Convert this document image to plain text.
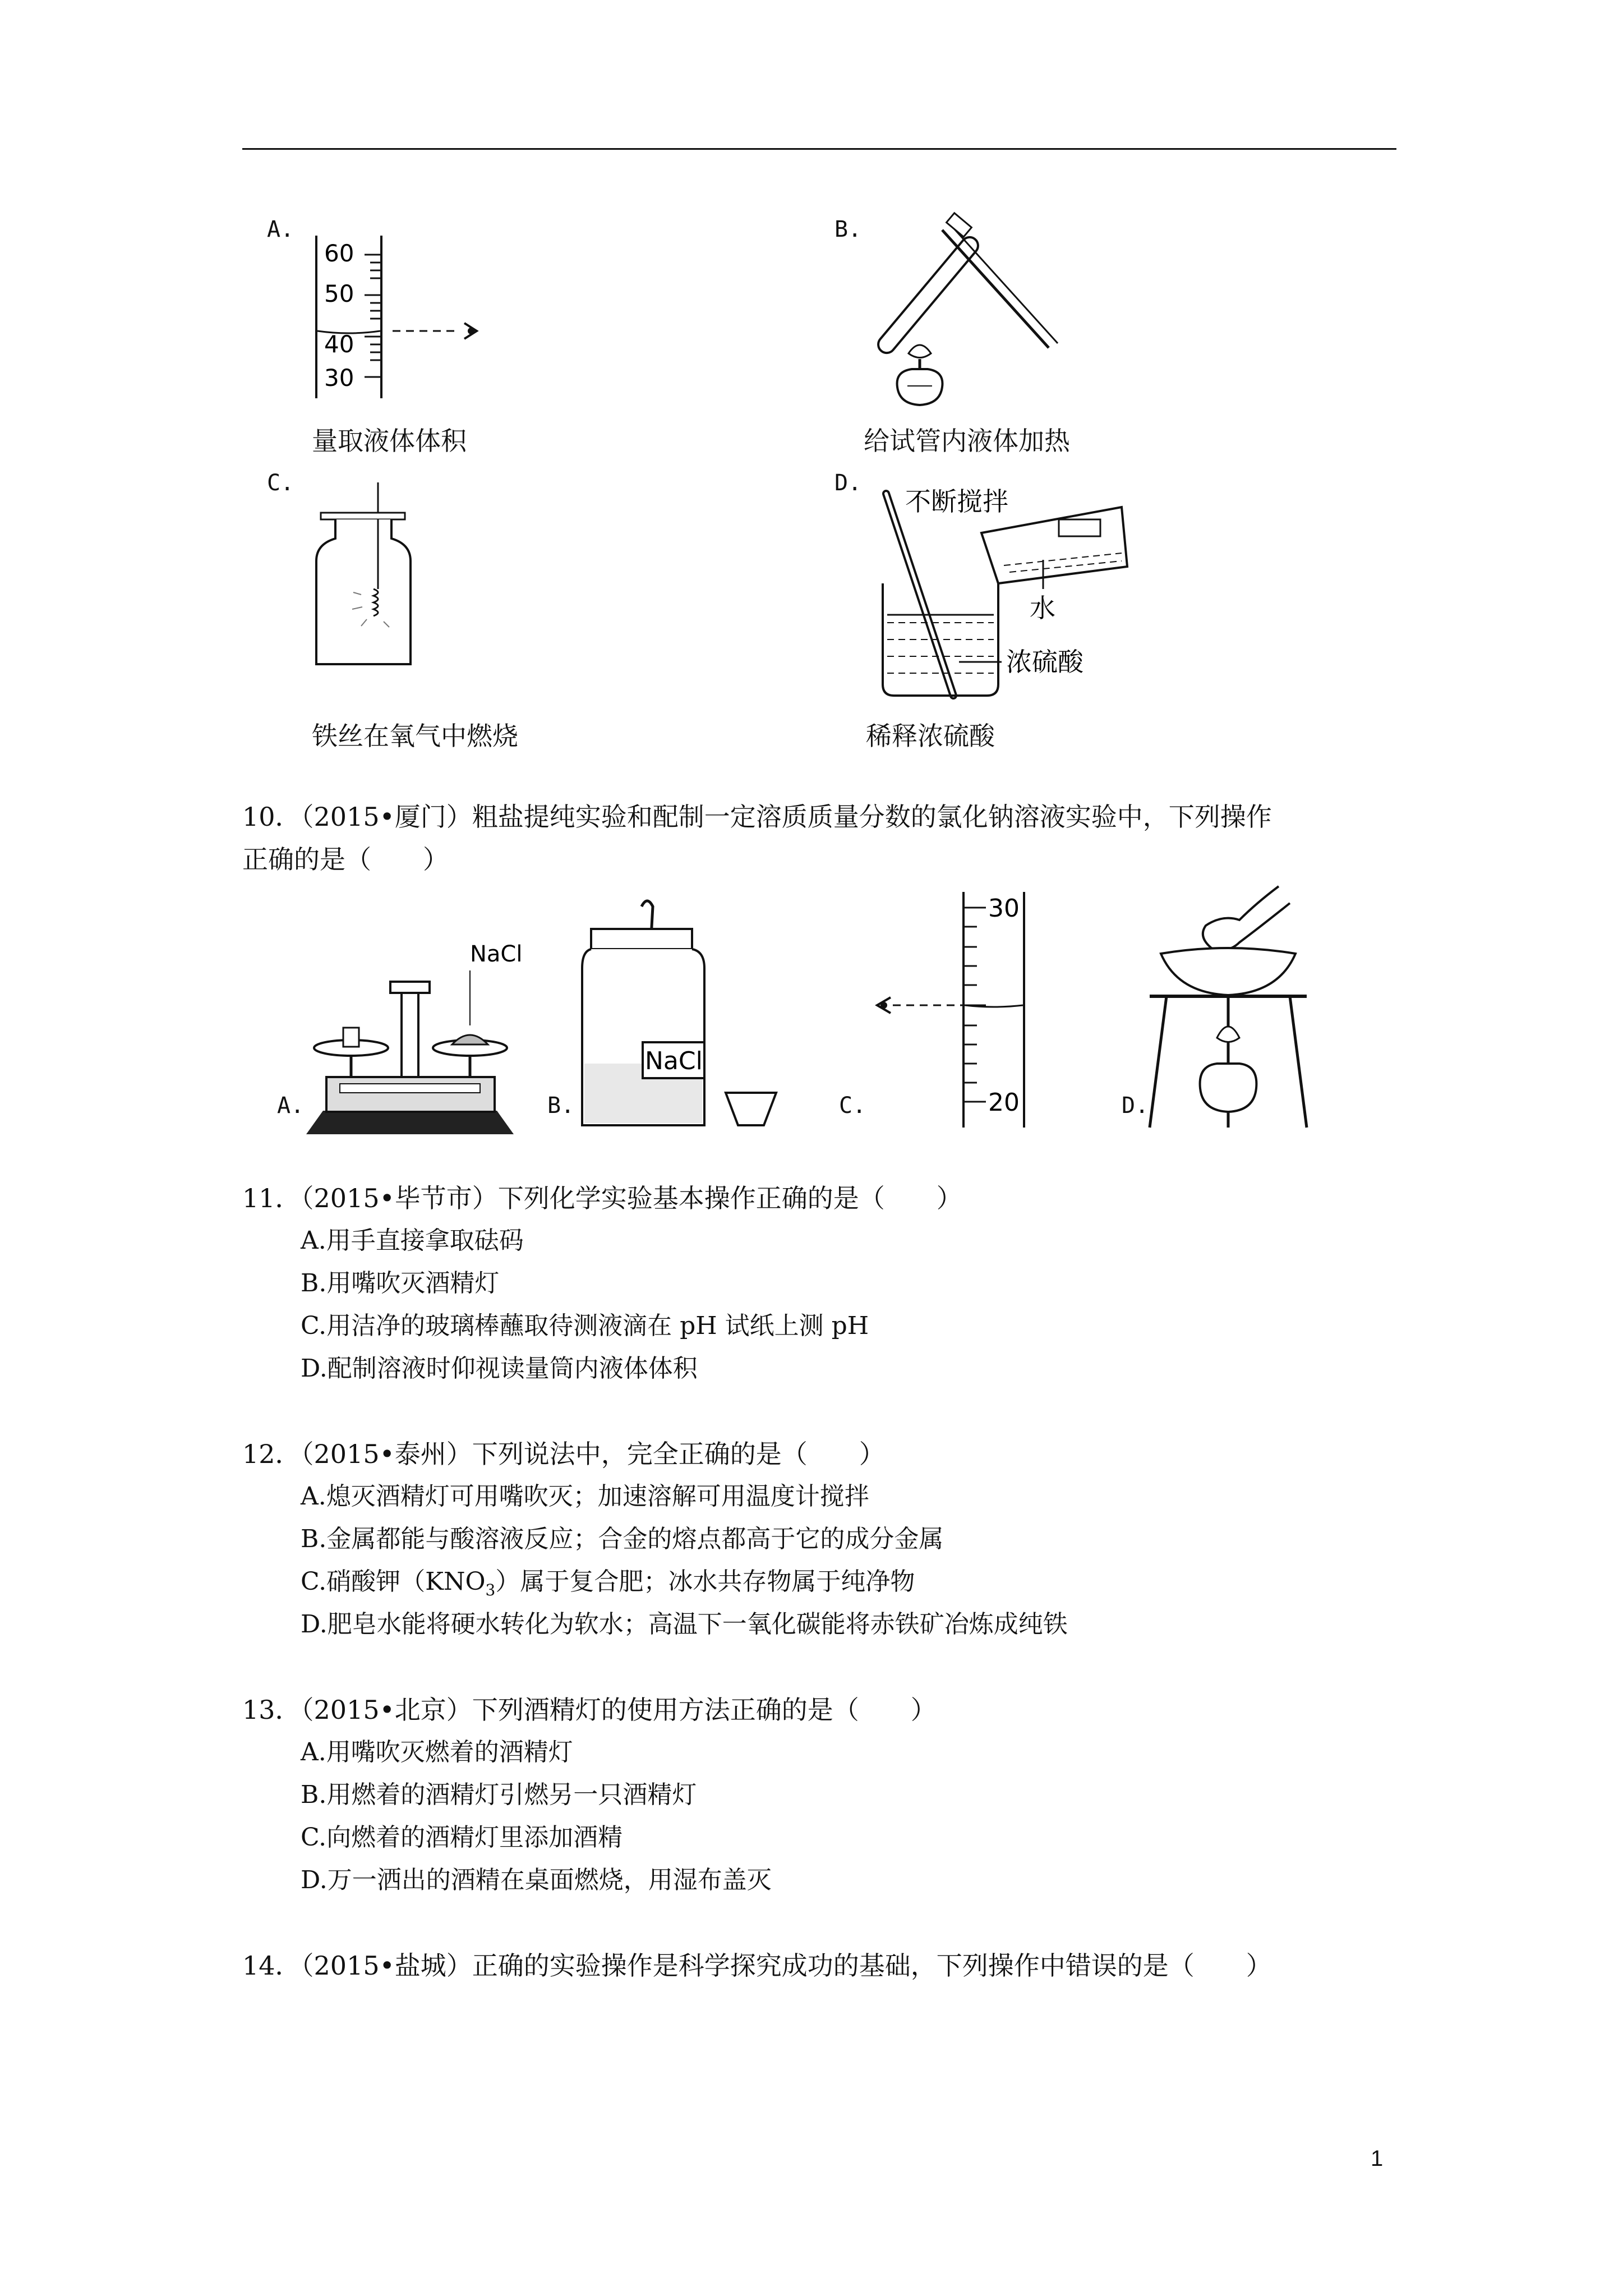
A.
60
50
40
30
量取液体体积
B.
给试管内液体加热
C.
铁丝在氧气中燃烧
D.
不断搅拌
水
浓硫酸
稀释浓硫酸
10．（2015•厦门）粗盐提纯实验和配制一定溶质质量分数的氯化钠溶液实验中，下列操作
正确的是（　　）
NaCl
A.
NaCl
B.
30
20
C.	D.
11．（2015•毕节市）下列化学实验基本操作正确的是（　　）
A.用手直接拿取砝码
B.用嘴吹灭酒精灯
C.用洁净的玻璃棒蘸取待测液滴在 pH 试纸上测 pH
D.配制溶液时仰视读量筒内液体体积
12．（2015•泰州）下列说法中，完全正确的是（　　）
A.熄灭酒精灯可用嘴吹灭；加速溶解可用温度计搅拌
B.金属都能与酸溶液反应；合金的熔点都高于它的成分金属
C.硝酸钾$(KNO_3)$属于复合肥；冰水共存物属于纯净物
D.肥皂水能将硬水转化为软水；高温下一氧化碳能将赤铁矿冶炼成纯铁
13．（2015•北京）下列酒精灯的使用方法正确的是（　　）
A.用嘴吹灭燃着的酒精灯
B.用燃着的酒精灯引燃另一只酒精灯
C.向燃着的酒精灯里添加酒精
D.万一洒出的酒精在桌面燃烧，用湿布盖灭
14．（2015•盐城）正确的实验操作是科学探究成功的基础，下列操作中错误的是（　　）
1
